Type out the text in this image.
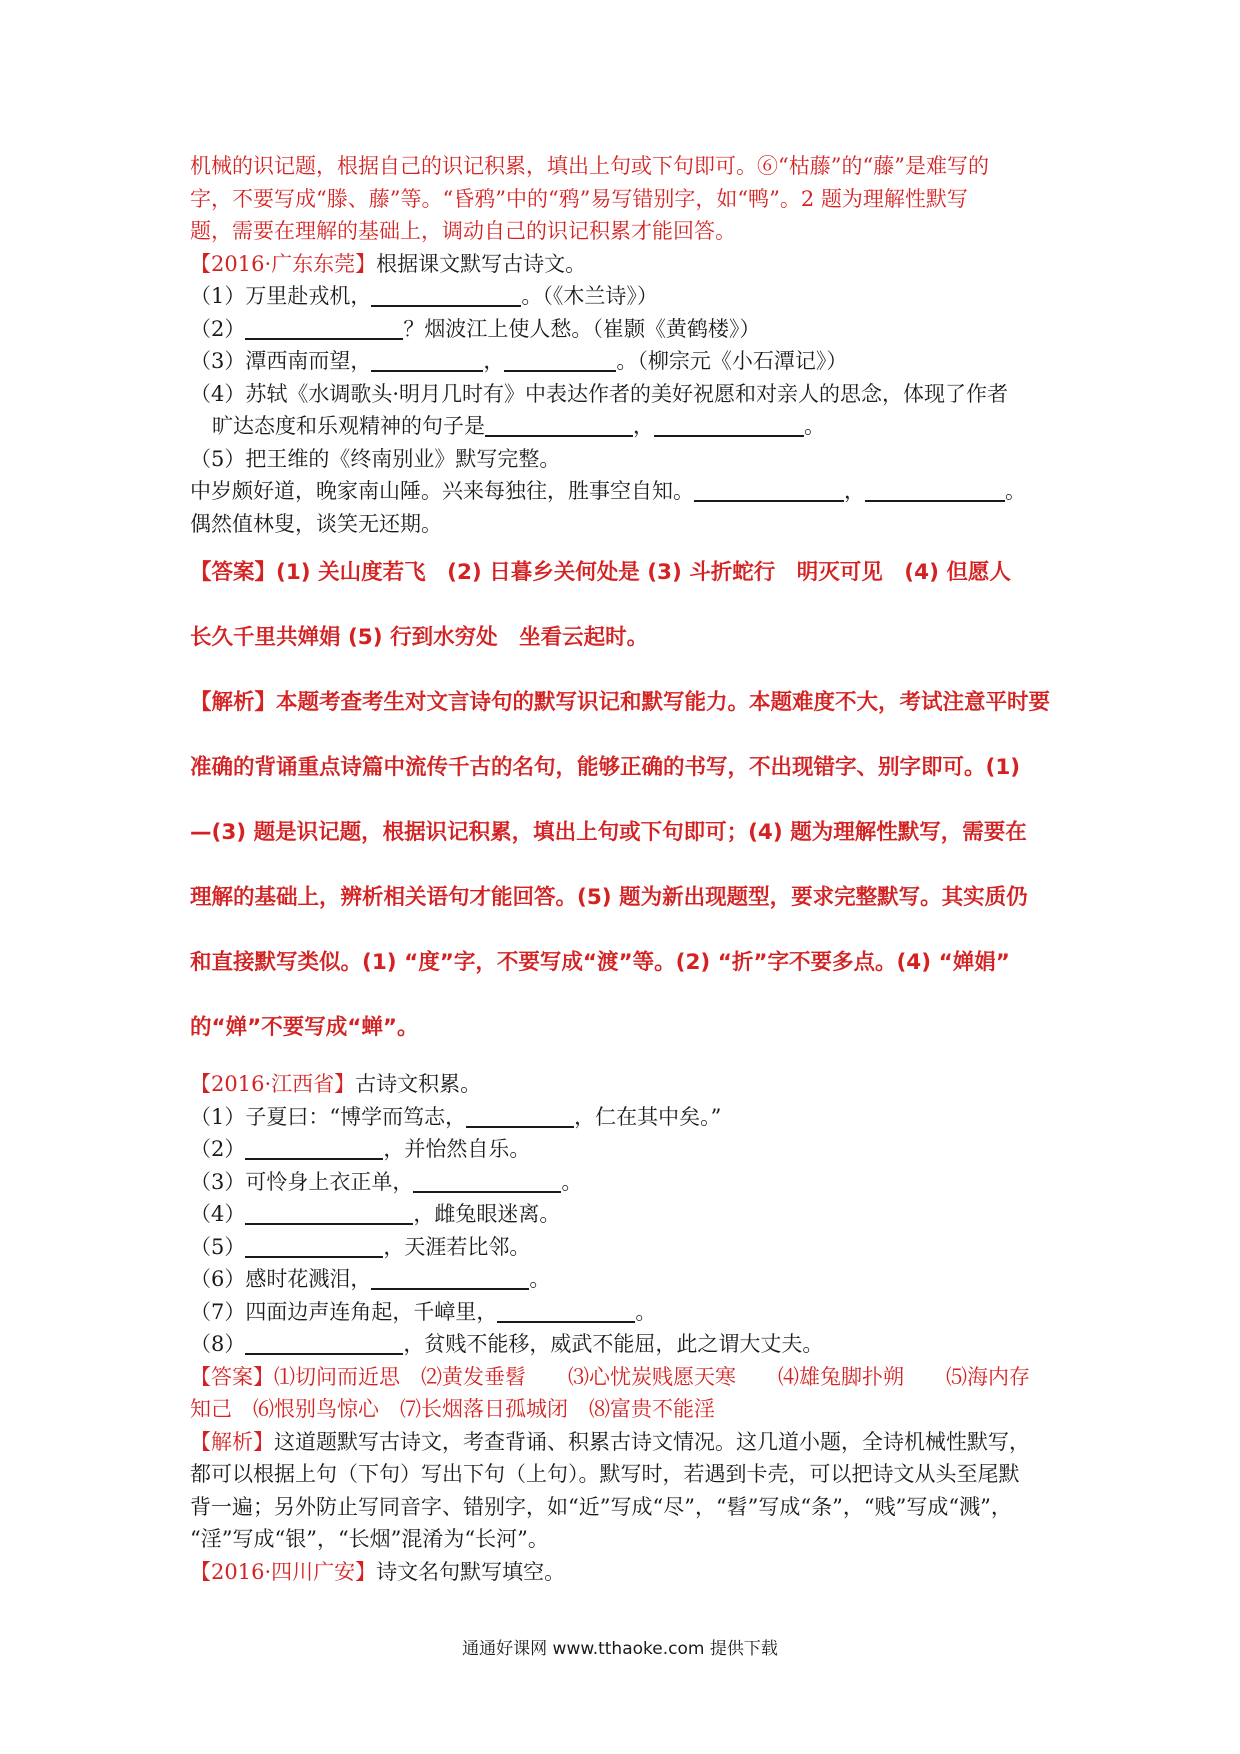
机械的识记题，根据自己的识记积累，填出上句或下句即可。⑥“枯藤”的“藤”是难写的
字，不要写成“滕、藤”等。“昏鸦”中的“鸦”易写错别字，如“鸭”。2 题为理解性默写
题，需要在理解的基础上，调动自己的识记积累才能回答。
【2016·广东东莞】根据课文默写古诗文。
（1）万里赴戎机，	。（《木兰诗》）
（2）	？烟波江上使人愁。（崔颢《黄鹤楼》）
（3）潭西南而望，	，	。（柳宗元《小石潭记》）
（4）苏轼《水调歌头·明月几时有》中表达作者的美好祝愿和对亲人的思念，体现了作者
旷达态度和乐观精神的句子是	，	。
（5）把王维的《终南别业》默写完整。
中岁颇好道，晚家南山陲。兴来每独往，胜事空自知。	，	。
偶然值林叟，谈笑无还期。
【答案】(1) 关山度若飞　(2) 日暮乡关何处是 (3) 斗折蛇行　明灭可见　(4) 但愿人
长久千里共婵娟 (5) 行到水穷处　坐看云起时。
【解析】本题考查考生对文言诗句的默写识记和默写能力。本题难度不大，考试注意平时要
准确的背诵重点诗篇中流传千古的名句，能够正确的书写，不出现错字、别字即可。(1)
—(3) 题是识记题，根据识记积累，填出上句或下句即可；(4) 题为理解性默写，需要在
理解的基础上，辨析相关语句才能回答。(5) 题为新出现题型，要求完整默写。其实质仍
和直接默写类似。(1) “度”字，不要写成“渡”等。(2) “折”字不要多点。(4) “婵娟”
的“婵”不要写成“蝉”。
【2016·江西省】古诗文积累。
（1）子夏曰：“博学而笃志，	，仁在其中矣。”
（2）	，并怡然自乐。
（3）可怜身上衣正单，	。
（4）	，雌兔眼迷离。
（5）	，天涯若比邻。
（6）感时花溅泪，	。
（7）四面边声连角起，千嶂里，	。
（8）	，贫贱不能移，威武不能屈，此之谓大丈夫。
【答案】⑴切问而近思　⑵黄发垂髫　　⑶心忧炭贱愿天寒　　⑷雄兔脚扑朔　　⑸海内存
知己　⑹恨别鸟惊心　⑺长烟落日孤城闭　⑻富贵不能淫
【解析】这道题默写古诗文，考查背诵、积累古诗文情况。这几道小题，全诗机械性默写，
都可以根据上句（下句）写出下句（上句）。默写时，若遇到卡壳，可以把诗文从头至尾默
背一遍；另外防止写同音字、错别字，如“近”写成“尽”，“髫”写成“条”，“贱”写成“溅”，
“淫”写成“银”，“长烟”混淆为“长河”。
【2016·四川广安】诗文名句默写填空。
通通好课网 www.tthaoke.com 提供下载
